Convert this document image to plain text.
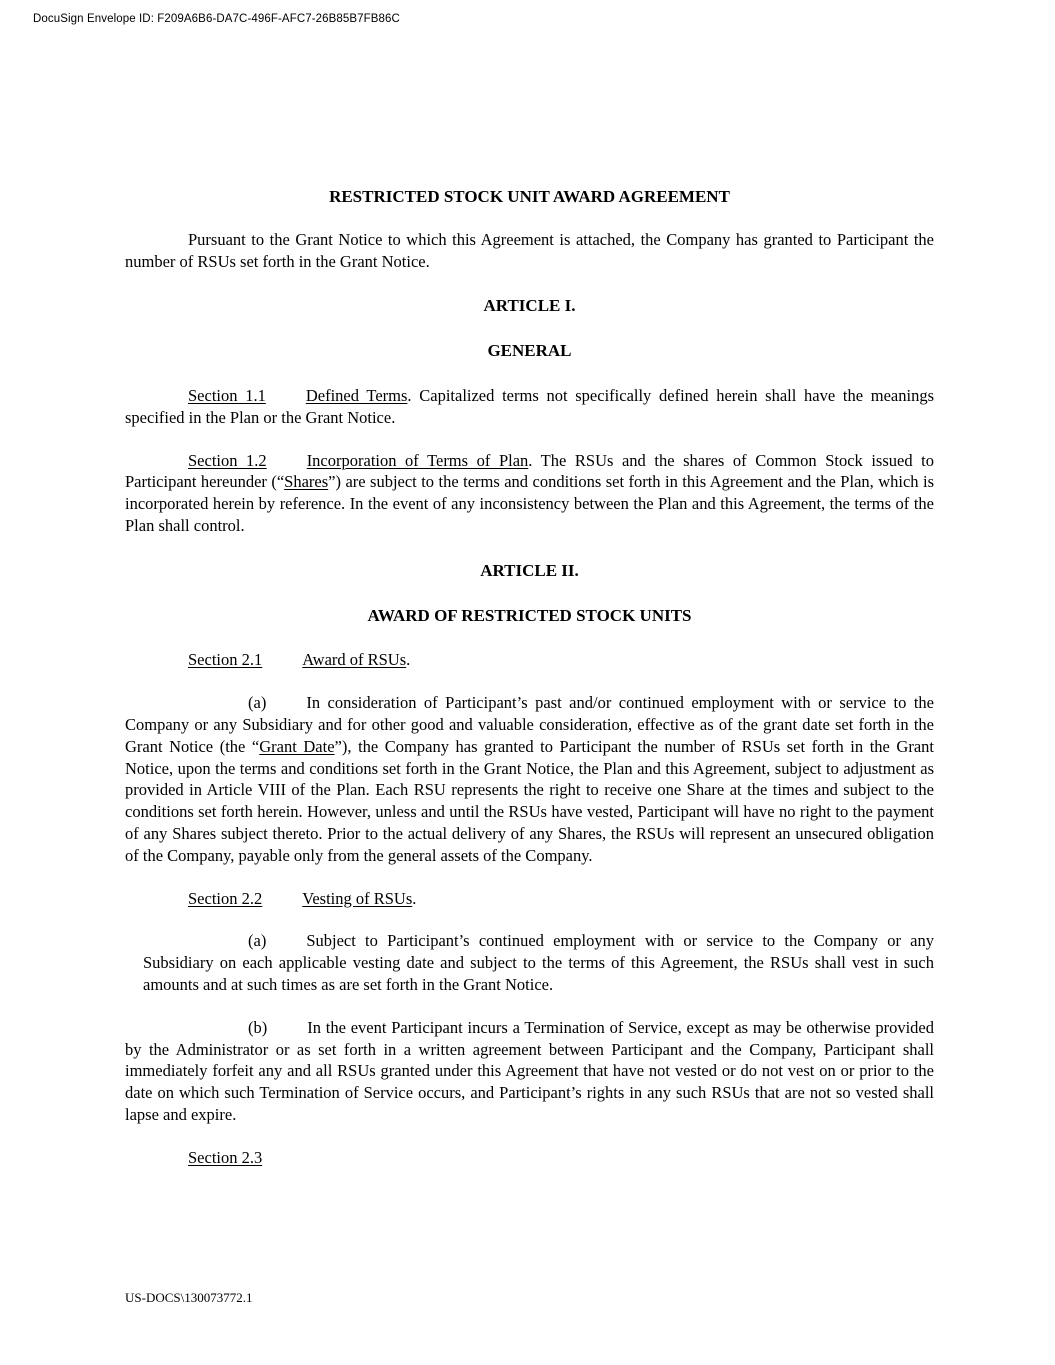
DocuSign Envelope ID: F209A6B6-DA7C-496F-AFC7-26B85B7FB86C
RESTRICTED STOCK UNIT AWARD AGREEMENT

Pursuant to the Grant Notice to which this Agreement is attached, the Company has granted to Participant the number of RSUs set forth in the Grant Notice.

ARTICLE I.

GENERAL

Section 1.1 Defined Terms. Capitalized terms not specifically defined herein shall have the meanings specified in the Plan or the Grant Notice.

Section 1.2 Incorporation of Terms of Plan. The RSUs and the shares of Common Stock issued to Participant hereunder (“Shares”) are subject to the terms and conditions set forth in this Agreement and the Plan, which is incorporated herein by reference. In the event of any inconsistency between the Plan and this Agreement, the terms of the Plan shall control.

ARTICLE II.

AWARD OF RESTRICTED STOCK UNITS

Section 2.1 Award of RSUs.

(a) In consideration of Participant’s past and/or continued employment with or service to the Company or any Subsidiary and for other good and valuable consideration, effective as of the grant date set forth in the Grant Notice (the “Grant Date”), the Company has granted to Participant the number of RSUs set forth in the Grant Notice, upon the terms and conditions set forth in the Grant Notice, the Plan and this Agreement, subject to adjustment as provided in Article VIII of the Plan. Each RSU represents the right to receive one Share at the times and subject to the conditions set forth herein. However, unless and until the RSUs have vested, Participant will have no right to the payment of any Shares subject thereto. Prior to the actual delivery of any Shares, the RSUs will represent an unsecured obligation of the Company, payable only from the general assets of the Company.

Section 2.2 Vesting of RSUs.

(a) Subject to Participant’s continued employment with or service to the Company or any Subsidiary on each applicable vesting date and subject to the terms of this Agreement, the RSUs shall vest in such amounts and at such times as are set forth in the Grant Notice.

(b) In the event Participant incurs a Termination of Service, except as may be otherwise provided by the Administrator or as set forth in a written agreement between Participant and the Company, Participant shall immediately forfeit any and all RSUs granted under this Agreement that have not vested or do not vest on or prior to the date on which such Termination of Service occurs, and Participant’s rights in any such RSUs that are not so vested shall lapse and expire.

Section 2.3

US-DOCS\130073772.1
